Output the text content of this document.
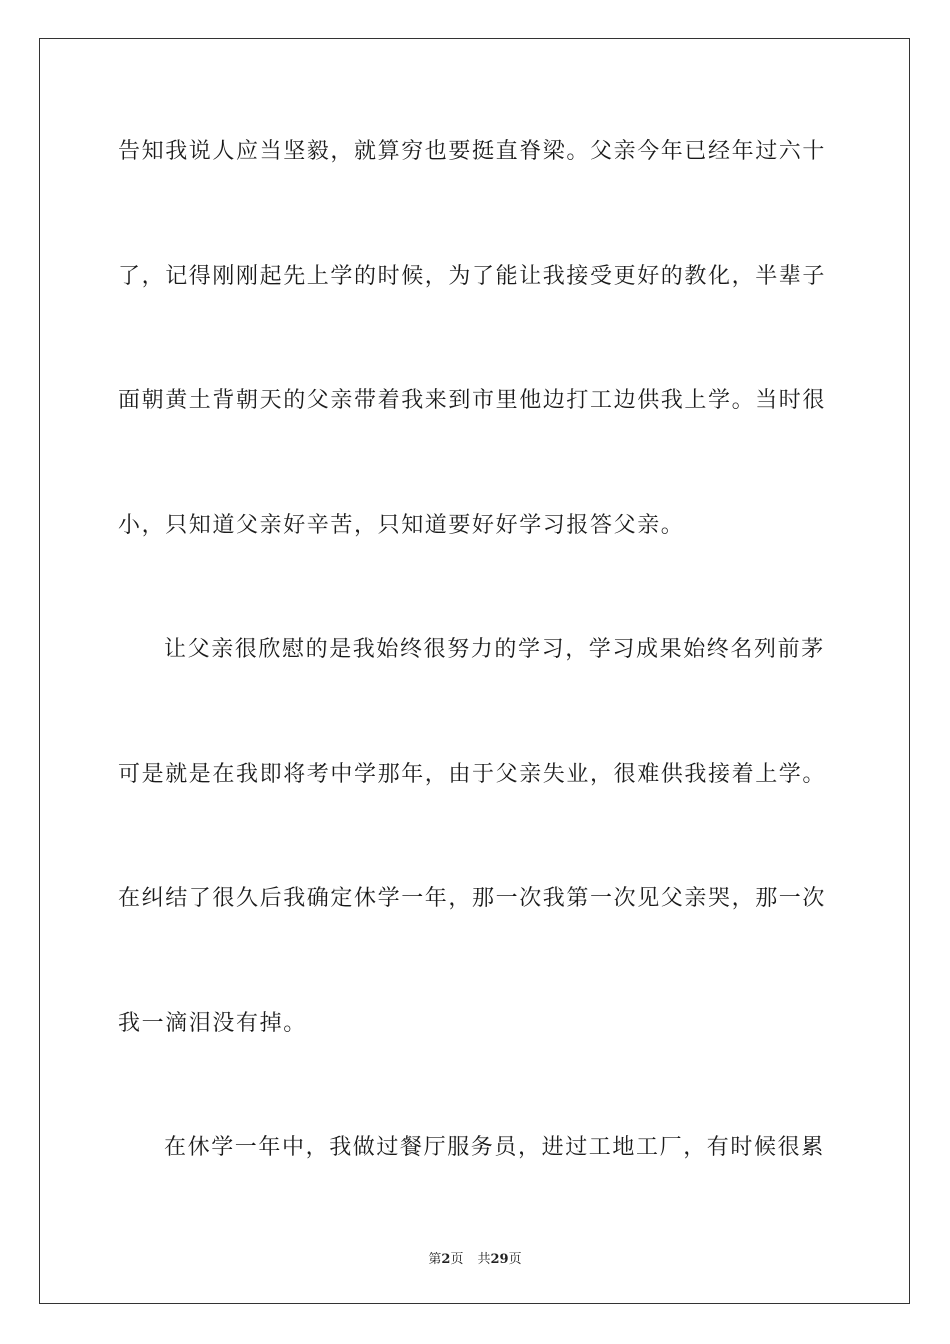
告知我说人应当坚毅，就算穷也要挺直脊梁。父亲今年已经年过六十
了，记得刚刚起先上学的时候，为了能让我接受更好的教化，半辈子
面朝黄土背朝天的父亲带着我来到市里他边打工边供我上学。当时很
小，只知道父亲好辛苦，只知道要好好学习报答父亲。
让父亲很欣慰的是我始终很努力的学习，学习成果始终名列前茅
可是就是在我即将考中学那年，由于父亲失业，很难供我接着上学。
在纠结了很久后我确定休学一年，那一次我第一次见父亲哭，那一次
我一滴泪没有掉。
在休学一年中，我做过餐厅服务员，进过工地工厂，有时候很累
第2页 共29页
